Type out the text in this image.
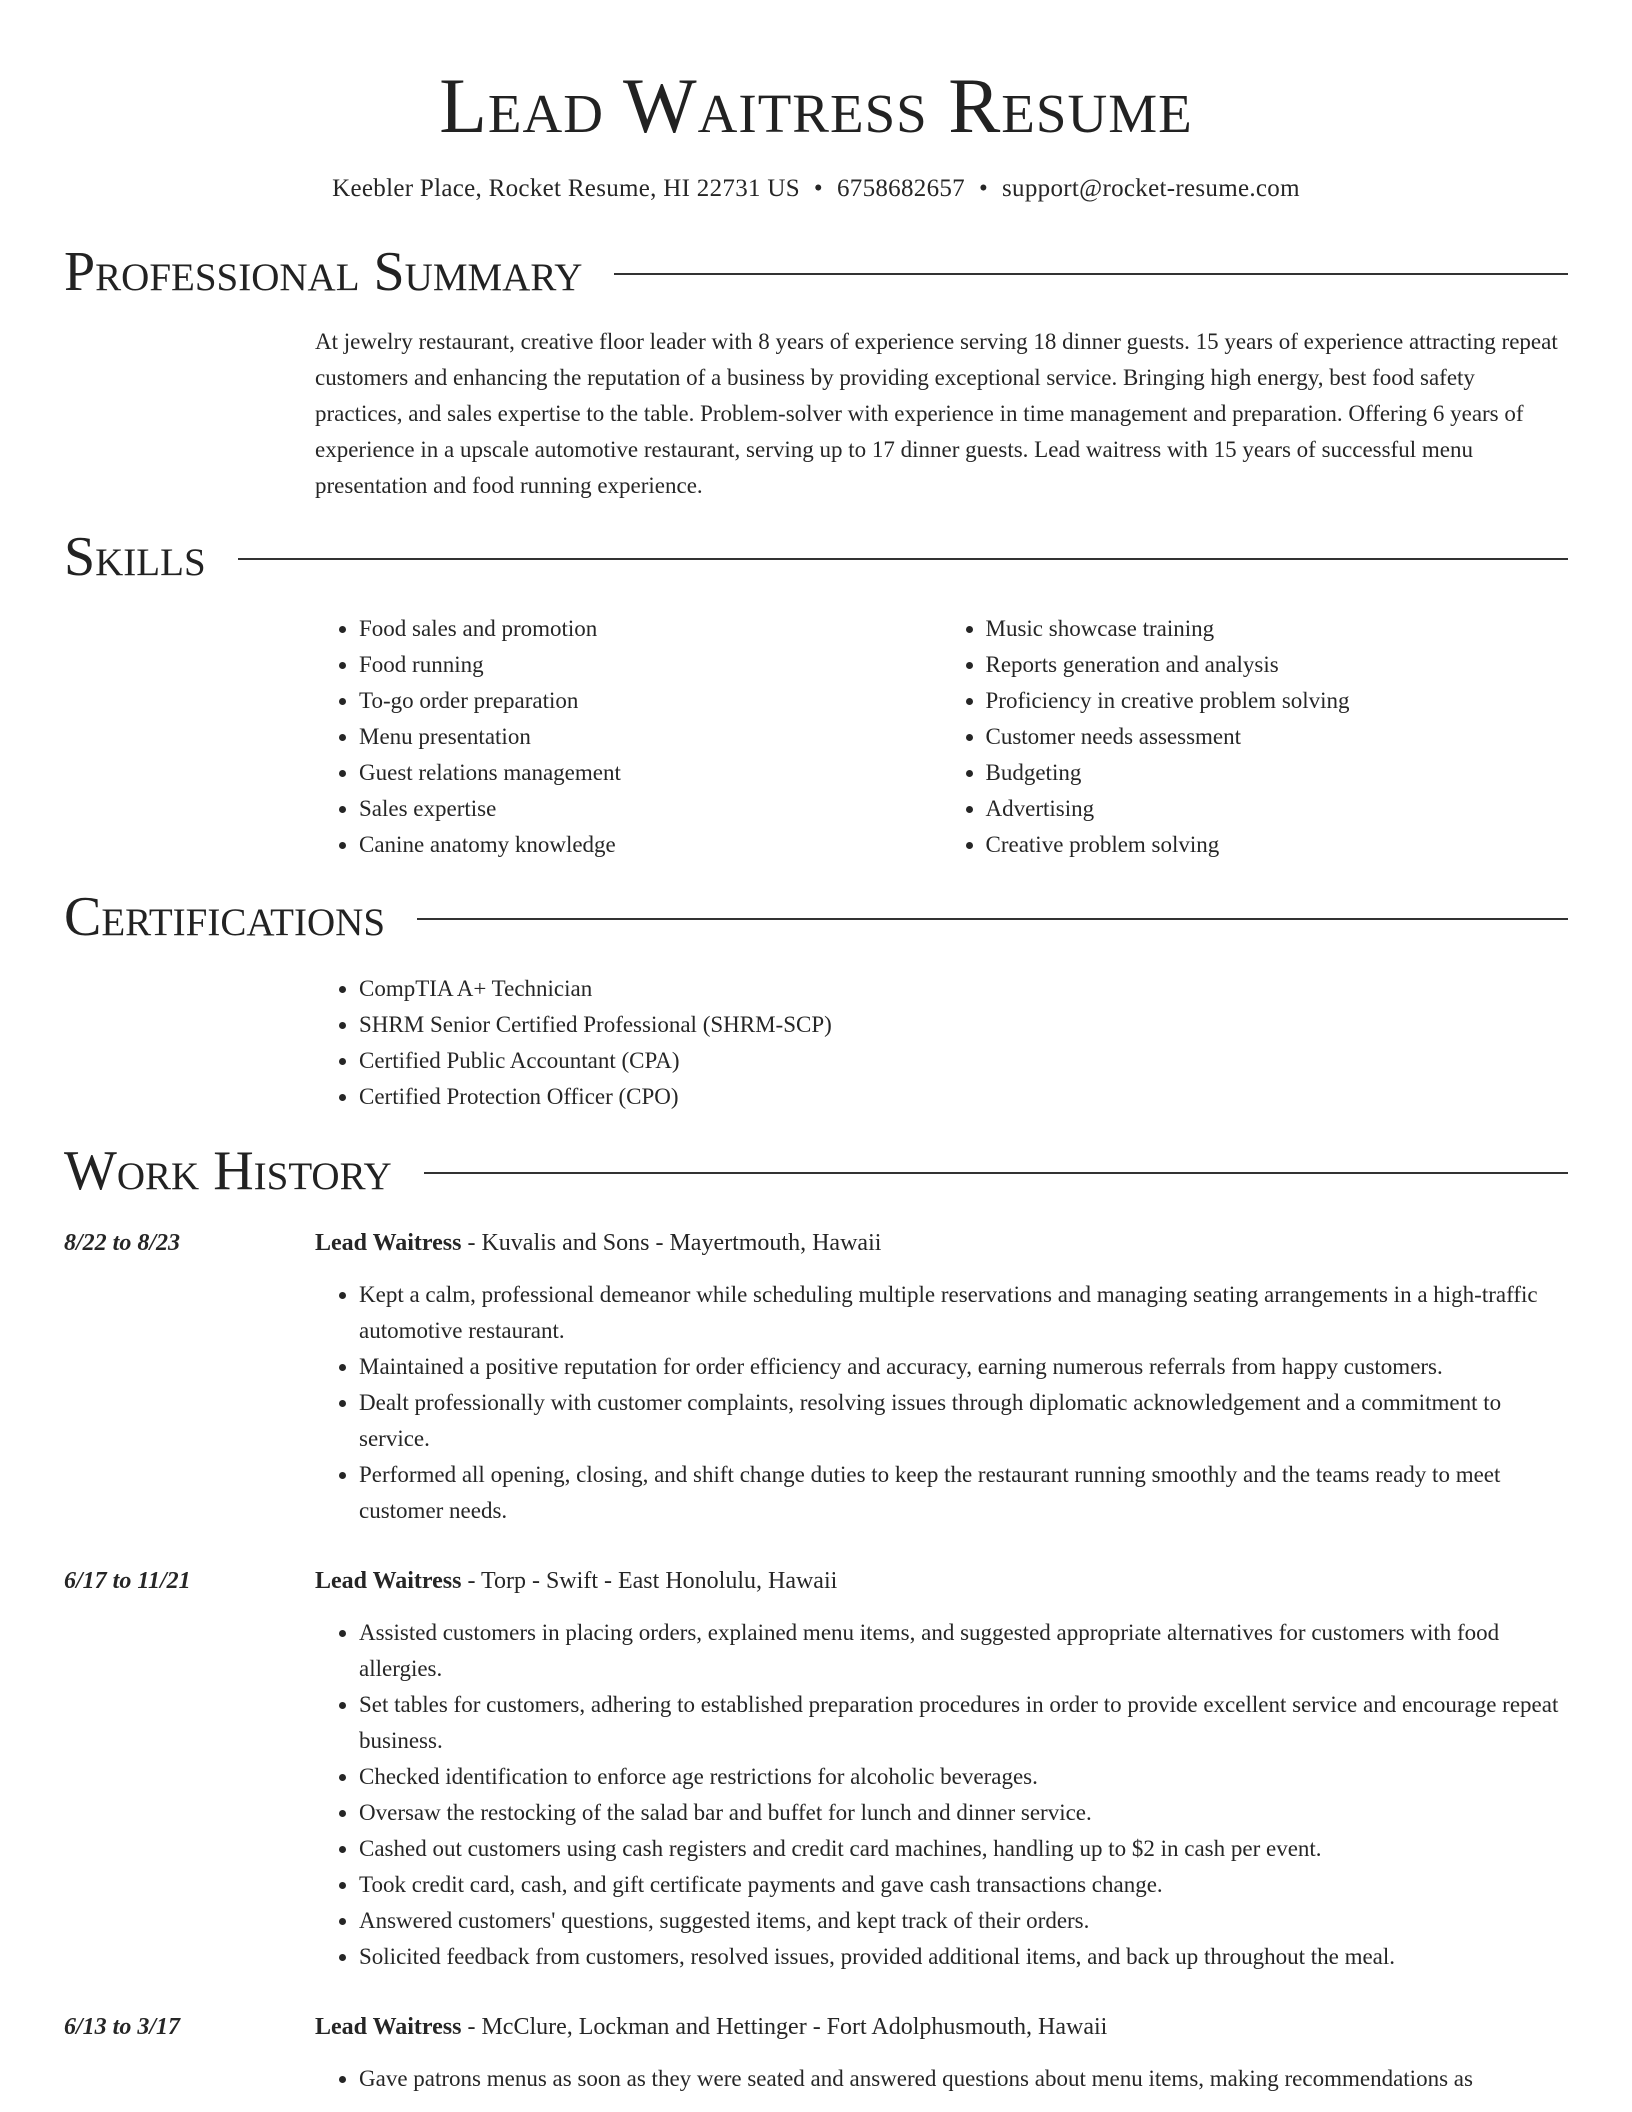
Lead Waitress Resume
Keebler Place, Rocket Resume, HI 22731 US • 6758682657 • support@rocket-resume.com
Professional Summary

At jewelry restaurant, creative floor leader with 8 years of experience serving 18 dinner guests. 15 years of experience attracting repeat customers and enhancing the reputation of a business by providing exceptional service. Bringing high energy, best food safety practices, and sales expertise to the table. Problem-solver with experience in time management and preparation. Offering 6 years of experience in a upscale automotive restaurant, serving up to 17 dinner guests. Lead waitress with 15 years of successful menu presentation and food running experience.

Skills
• Food sales and promotion
• Food running
• To-go order preparation
• Menu presentation
• Guest relations management
• Sales expertise
• Canine anatomy knowledge
• Music showcase training
• Reports generation and analysis
• Proficiency in creative problem solving
• Customer needs assessment
• Budgeting
• Advertising
• Creative problem solving
Certifications
• CompTIA A+ Technician
• SHRM Senior Certified Professional (SHRM-SCP)
• Certified Public Accountant (CPA)
• Certified Protection Officer (CPO)
Work History
8/22 to 8/23	Lead Waitress - Kuvalis and Sons - Mayertmouth, Hawaii
• Kept a calm, professional demeanor while scheduling multiple reservations and managing seating arrangements in a high-traffic automotive restaurant.
• Maintained a positive reputation for order efficiency and accuracy, earning numerous referrals from happy customers.
• Dealt professionally with customer complaints, resolving issues through diplomatic acknowledgement and a commitment to service.
• Performed all opening, closing, and shift change duties to keep the restaurant running smoothly and the teams ready to meet customer needs.
6/17 to 11/21	Lead Waitress - Torp - Swift - East Honolulu, Hawaii
• Assisted customers in placing orders, explained menu items, and suggested appropriate alternatives for customers with food allergies.
• Set tables for customers, adhering to established preparation procedures in order to provide excellent service and encourage repeat business.
• Checked identification to enforce age restrictions for alcoholic beverages.
• Oversaw the restocking of the salad bar and buffet for lunch and dinner service.
• Cashed out customers using cash registers and credit card machines, handling up to $2 in cash per event.
• Took credit card, cash, and gift certificate payments and gave cash transactions change.
• Answered customers' questions, suggested items, and kept track of their orders.
• Solicited feedback from customers, resolved issues, provided additional items, and back up throughout the meal.
6/13 to 3/17	Lead Waitress - McClure, Lockman and Hettinger - Fort Adolphusmouth, Hawaii
• Gave patrons menus as soon as they were seated and answered questions about menu items, making recommendations as
